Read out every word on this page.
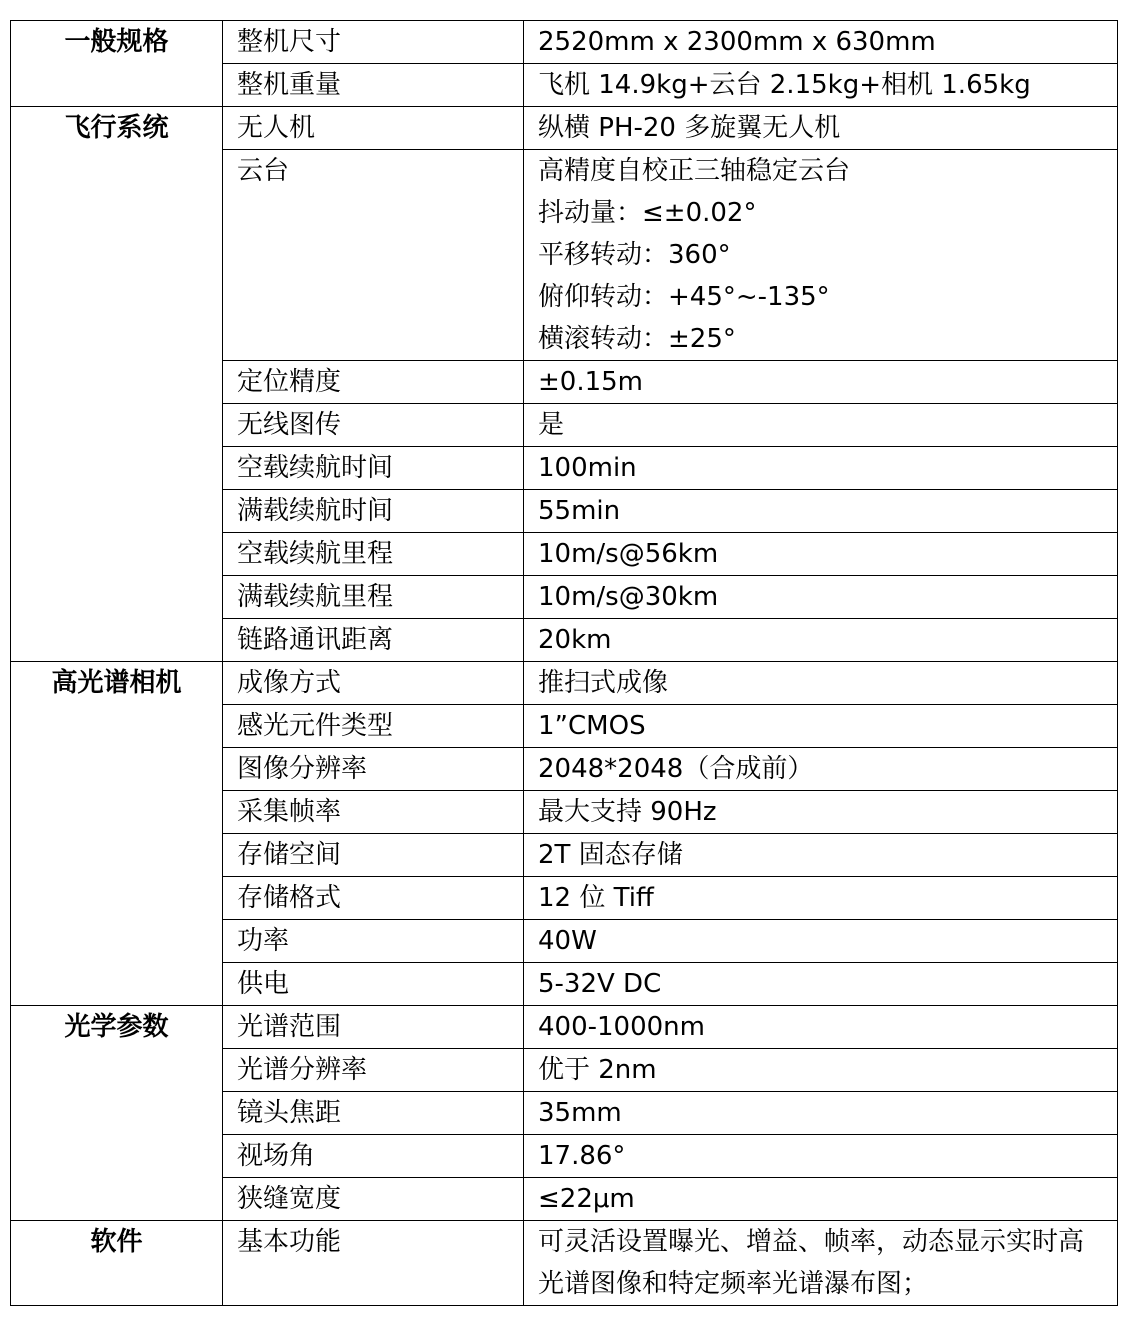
一般规格	整机尺寸	2520mm x 2300mm x 630mm

	整机重量	飞机 14.9kg+云台 2.15kg+相机 1.65kg

飞行系统	无人机	纵横 PH-20 多旋翼无人机

	云台	高精度自校正三轴稳定云台
抖动量：≤±0.02°
平移转动：360°
俯仰转动：+45°~-135°
横滚转动：±25°

	定位精度	±0.15m

	无线图传	是

	空载续航时间	100min

	满载续航时间	55min

	空载续航里程	10m/s@56km

	满载续航里程	10m/s@30km

	链路通讯距离	20km

高光谱相机	成像方式	推扫式成像

	感光元件类型	1”CMOS

	图像分辨率	2048*2048（合成前）

	采集帧率	最大支持 90Hz

	存储空间	2T 固态存储

	存储格式	12 位 Tiff

	功率	40W

	供电	5-32V DC

光学参数	光谱范围	400-1000nm

	光谱分辨率	优于 2nm

	镜头焦距	35mm

	视场角	17.86°

	狭缝宽度	≤22μm

软件	基本功能	可灵活设置曝光、增益、帧率，动态显示实时高光谱图像和特定频率光谱瀑布图；
